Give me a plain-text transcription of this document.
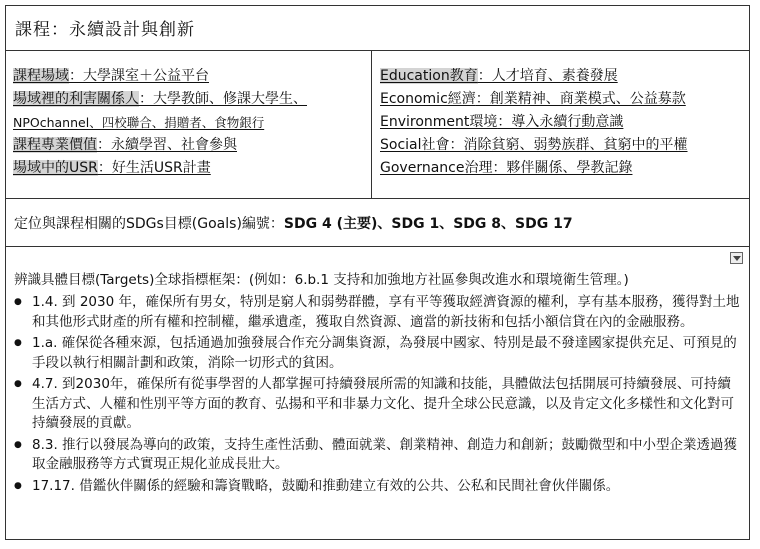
課程：永續設計與創新
課程場域：大學課室＋公益平台
場域裡的利害關係人：大學教師、修課大學生、
NPOchannel、四校聯合、捐贈者、食物銀行
課程專業價值：永續學習、社會參與
場域中的USR：好生活USR計畫
Education教育：人才培育、素養發展
Economic經濟：創業精神、商業模式、公益募款
Environment環境：導入永續行動意識
Social社會：消除貧窮、弱勢族群、貧窮中的平權
Governance治理：夥伴關係、學教記錄
定位與課程相關的SDGs目標(Goals)編號：SDG 4 (主要)、SDG 1、SDG 8、SDG 17
辨識具體目標(Targets)全球指標框架：(例如：6.b.1 支持和加強地方社區參與改進水和環境衛生管理。)
● 1.4. 到 2030 年，確保所有男女，特別是窮人和弱勢群體，享有平等獲取經濟資源的權利，享有基本服務，獲得對土地和其他形式財產的所有權和控制權，繼承遺產，獲取自然資源、適當的新技術和包括小額信貸在內的金融服務。
● 1.a. 確保從各種來源，包括通過加強發展合作充分調集資源，為發展中國家、特別是最不發達國家提供充足、可預見的手段以執行相關計劃和政策，消除一切形式的貧困。
● 4.7. 到2030年，確保所有從事學習的人都掌握可持續發展所需的知識和技能，具體做法包括開展可持續發展、可持續生活方式、人權和性別平等方面的教育、弘揚和平和非暴力文化、提升全球公民意識，以及肯定文化多樣性和文化對可持續發展的貢獻。
● 8.3. 推行以發展為導向的政策，支持生產性活動、體面就業、創業精神、創造力和創新；鼓勵微型和中小型企業透過獲取金融服務等方式實現正規化並成長壯大。
● 17.17. 借鑑伙伴關係的經驗和籌資戰略，鼓勵和推動建立有效的公共、公私和民間社會伙伴關係。
